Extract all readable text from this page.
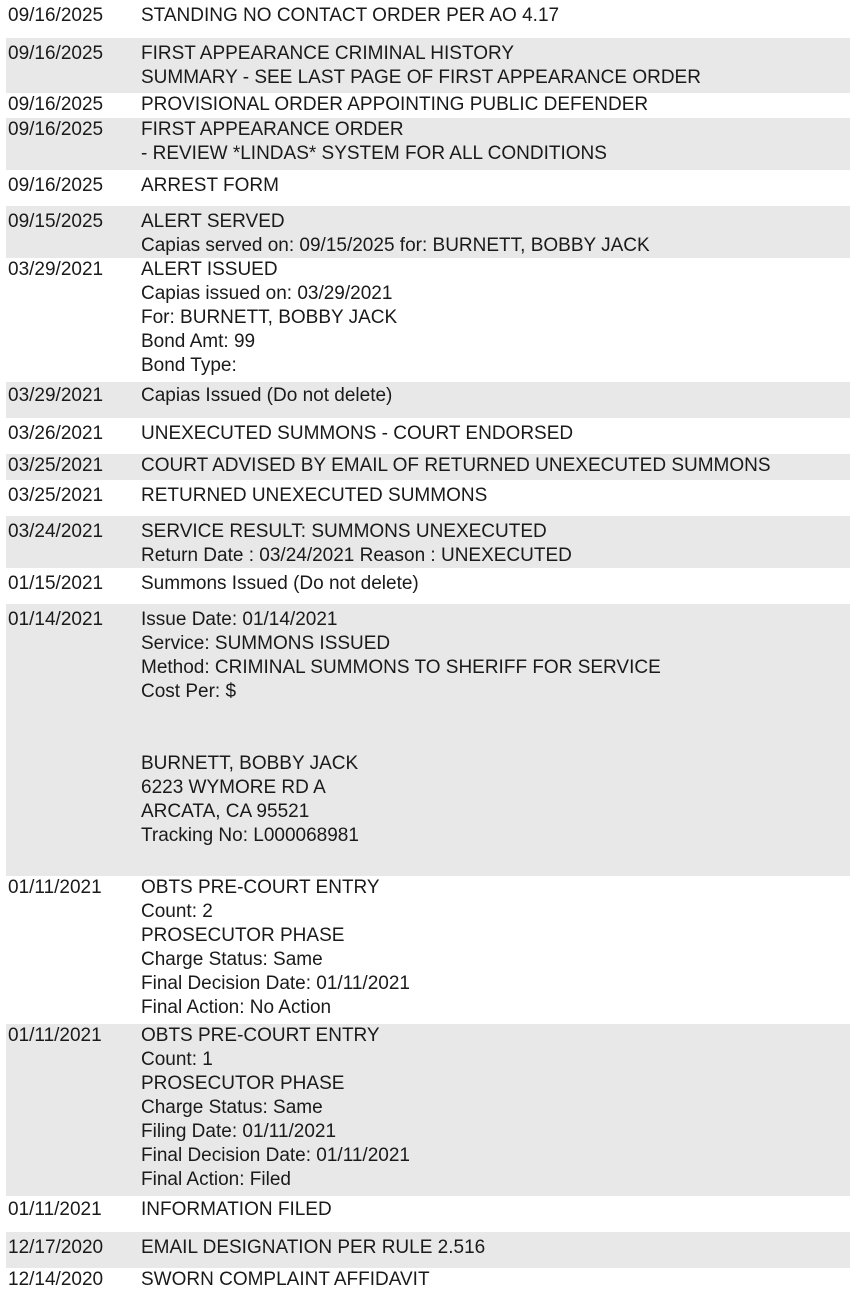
09/16/2025	STANDING NO CONTACT ORDER PER AO 4.17
09/16/2025	FIRST APPEARANCE CRIMINAL HISTORY
SUMMARY - SEE LAST PAGE OF FIRST APPEARANCE ORDER
09/16/2025	PROVISIONAL ORDER APPOINTING PUBLIC DEFENDER
09/16/2025	FIRST APPEARANCE ORDER
- REVIEW *LINDAS* SYSTEM FOR ALL CONDITIONS
09/16/2025	ARREST FORM
09/15/2025	ALERT SERVED
Capias served on: 09/15/2025 for: BURNETT, BOBBY JACK
03/29/2021	ALERT ISSUED
Capias issued on: 03/29/2021
For: BURNETT, BOBBY JACK
Bond Amt: 99
Bond Type:
03/29/2021	Capias Issued (Do not delete)
03/26/2021	UNEXECUTED SUMMONS - COURT ENDORSED
03/25/2021	COURT ADVISED BY EMAIL OF RETURNED UNEXECUTED SUMMONS
03/25/2021	RETURNED UNEXECUTED SUMMONS
03/24/2021	SERVICE RESULT: SUMMONS UNEXECUTED
Return Date : 03/24/2021 Reason : UNEXECUTED
01/15/2021	Summons Issued (Do not delete)
01/14/2021	Issue Date: 01/14/2021
Service: SUMMONS ISSUED
Method: CRIMINAL SUMMONS TO SHERIFF FOR SERVICE
Cost Per: $

BURNETT, BOBBY JACK
6223 WYMORE RD A
ARCATA, CA 95521
Tracking No: L000068981
01/11/2021	OBTS PRE-COURT ENTRY
Count: 2
PROSECUTOR PHASE
Charge Status: Same
Final Decision Date: 01/11/2021
Final Action: No Action
01/11/2021	OBTS PRE-COURT ENTRY
Count: 1
PROSECUTOR PHASE
Charge Status: Same
Filing Date: 01/11/2021
Final Decision Date: 01/11/2021
Final Action: Filed
01/11/2021	INFORMATION FILED
12/17/2020	EMAIL DESIGNATION PER RULE 2.516
12/14/2020	SWORN COMPLAINT AFFIDAVIT
